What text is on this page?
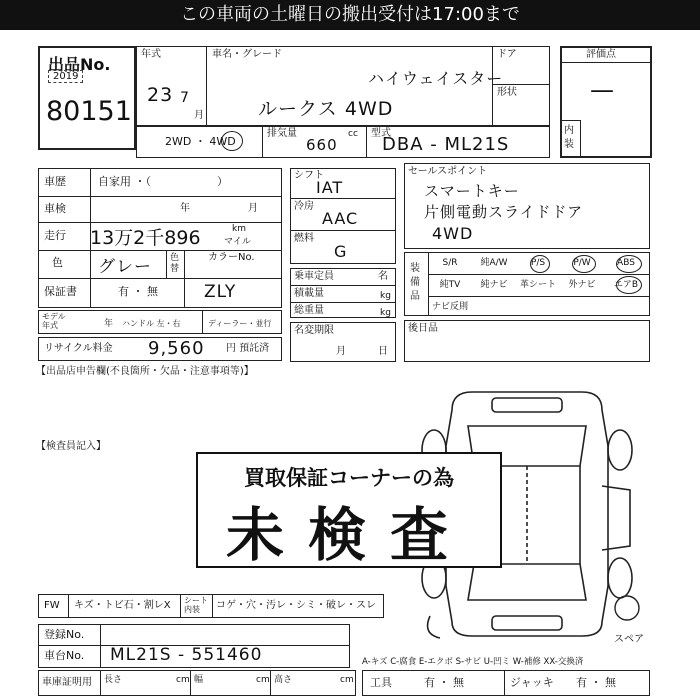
この車両の土曜日の搬出受付は17:00まで
出品No.
2019
80151
年式
23 7
月
車名・グレード
ハイウェイスター
ルークス 4WD
ドア
形状
評価点
—
内装
2WD ・ 4WD
排気量	cc
660
型式
DBA - ML21S
車歴	自家用 ・（　　　　　　）
車検	年	月
走行 13万2千896	km
マイル
色 グレー 色替
カラーNo.
ZLY
保証書	有 ・ 無
モデル年式	年 ハンドル 左・右	ディーラー・並行
リサイクル料金 9,560 円 預託済
シフト
IAT
冷房
AAC
燃料
G
乗車定員	名
積載量	kg
総重量	kg
名変期限
月	日
セールスポイント
スマートキー
片側電動スライドドア
4WD
装備品
S/R	純A/W	P/S	P/W	ABS
純TV	純ナビ	革シート	外ナビ	エアB
ナビ反則
後日品
【出品店申告欄(不良箇所・欠品・注意事項等)】
【検査員記入】
買取保証コーナーの為
未検査
FW キズ・トビ石・割レX シート内装	コゲ・穴・汚レ・シミ・破レ・スレ
登録No.
車台No. ML21S - 551460
車庫証明用 長さ	cm 幅	cm 高さ	cm
スペア
A-キズ C-腐食 E-エクボ S-サビ U-凹ミ W-補修 XX-交換済
工具	有 ・ 無	ジャッキ 有 ・ 無
